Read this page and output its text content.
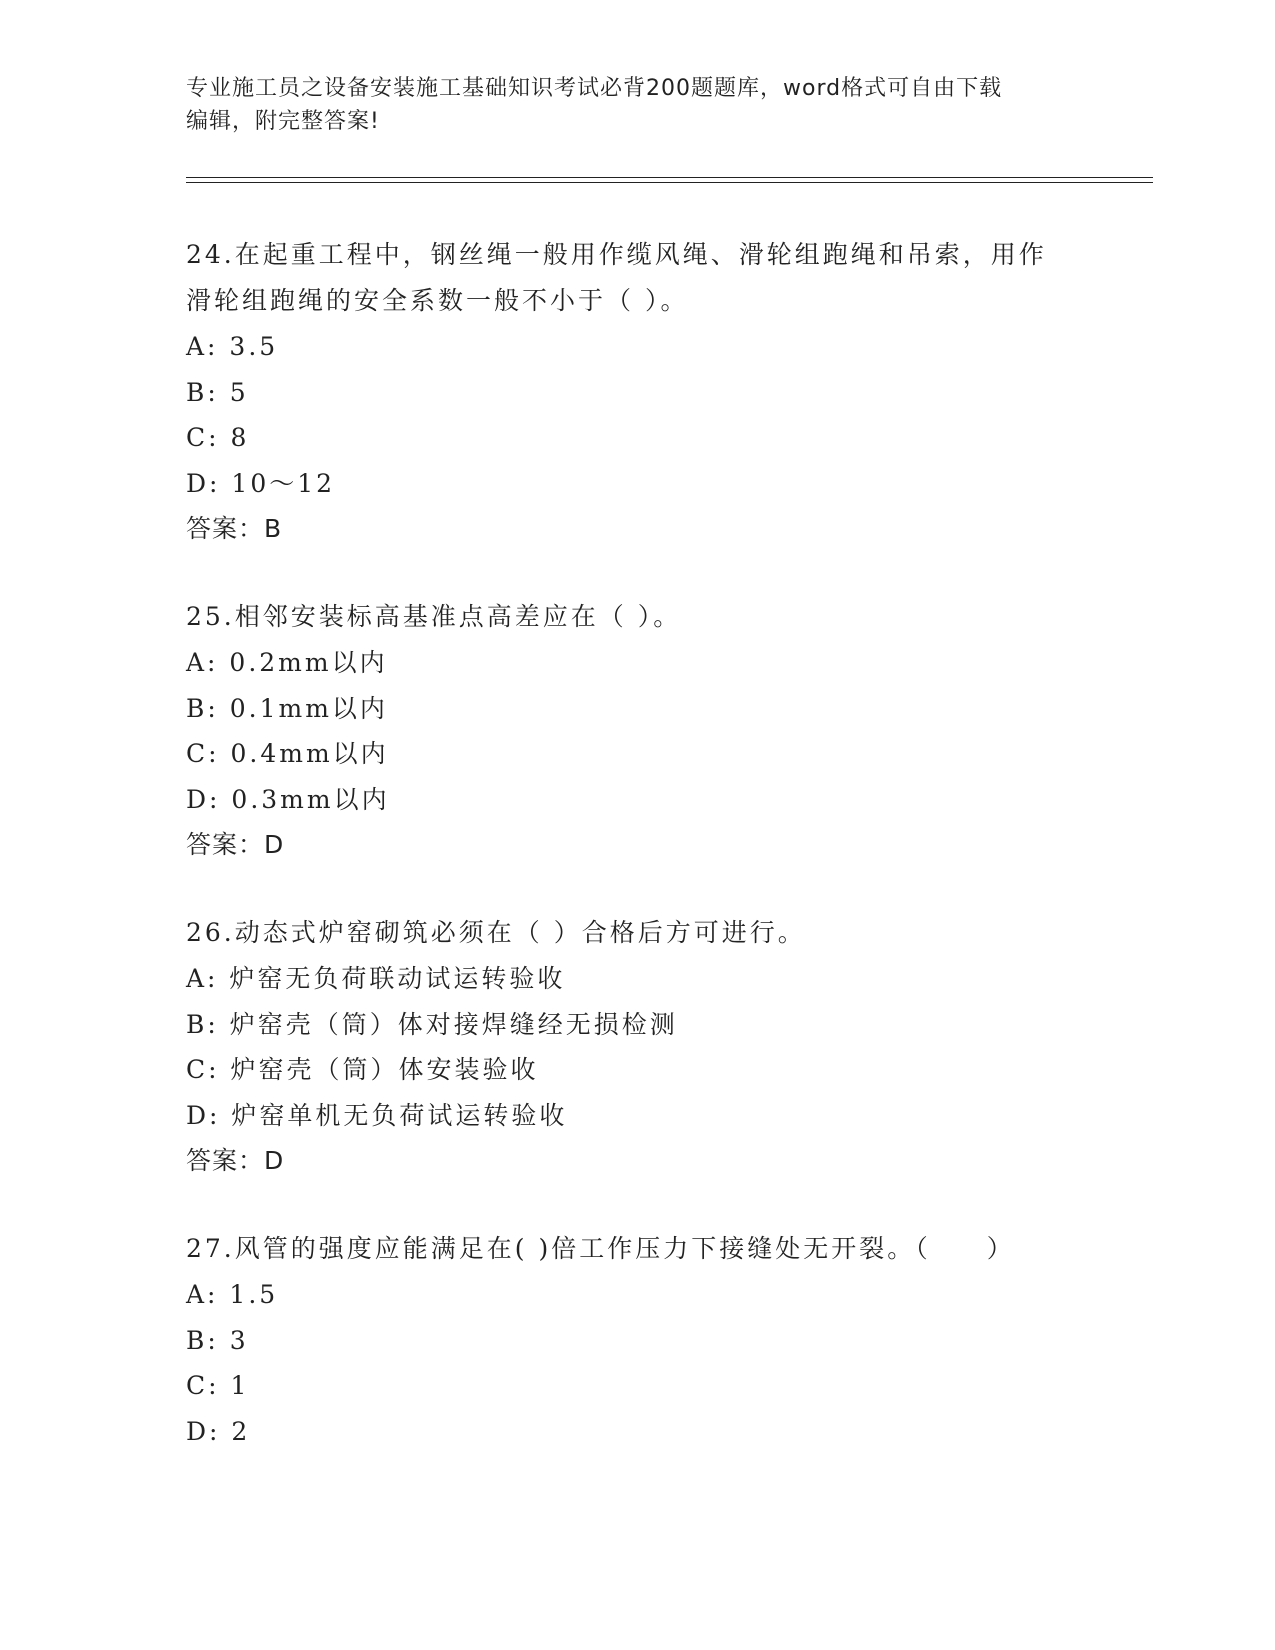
专业施工员之设备安装施工基础知识考试必背200题题库，word格式可自由下载
编辑，附完整答案!
24.在起重工程中，钢丝绳一般用作缆风绳、滑轮组跑绳和吊索，用作
滑轮组跑绳的安全系数一般不小于（ ）。
A: 3.5
B: 5
C: 8
D: 10～12
答案：B
25.相邻安装标高基准点高差应在（ ）。
A: 0.2mm以内
B: 0.1mm以内
C: 0.4mm以内
D: 0.3mm以内
答案：D
26.动态式炉窑砌筑必须在（ ）合格后方可进行。
A: 炉窑无负荷联动试运转验收
B: 炉窑壳（筒）体对接焊缝经无损检测
C: 炉窑壳（筒）体安装验收
D: 炉窑单机无负荷试运转验收
答案：D
27.风管的强度应能满足在( )倍工作压力下接缝处无开裂。（　　）
A: 1.5
B: 3
C: 1
D: 2
